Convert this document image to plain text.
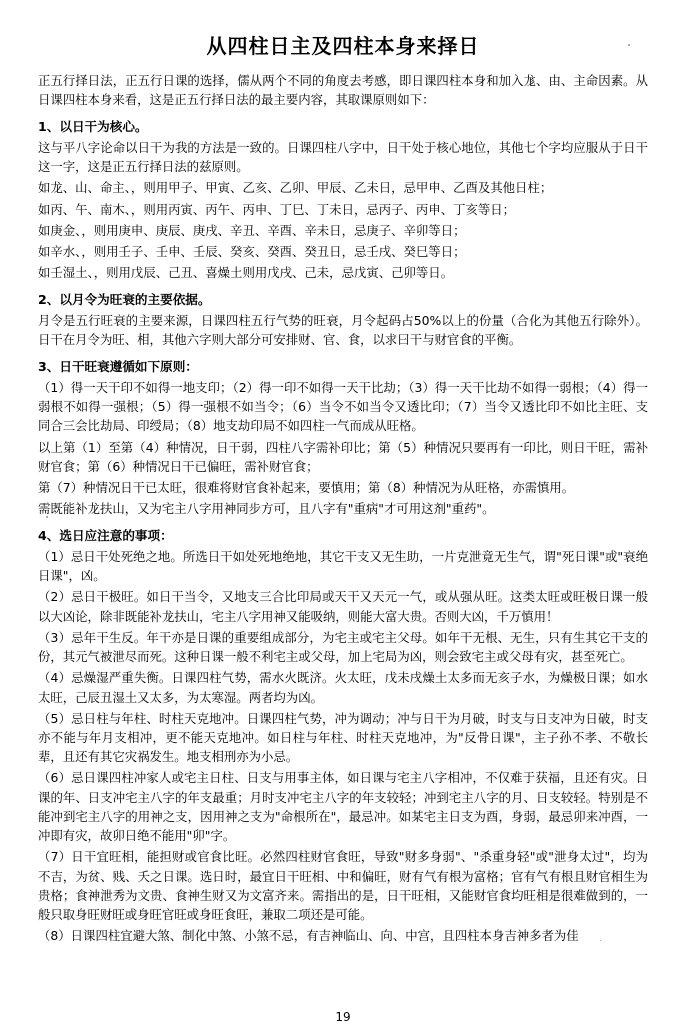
从四柱日主及四柱本身来择日

正五行择日法，正五行日课的选择，儒从两个不同的角度去考感，即日课四柱本身和加入尨、由、主命因素。从日课四柱本身来看，这是正五行择日法的最主要内容，其取课原则如下：

1、以日干为核心。

这与平八字论命以日干为我的方法是一致的。日课四柱八字中，日干处于核心地位，其他七个字均应服从于日干这一字，这是正五行择日法的兹原则。

如龙、山、命主、，则用甲子、甲寅、乙亥、乙卯、甲辰、乙未日，忌甲申、乙酉及其他日柱；

如丙、午、南木、，则用丙寅、丙午、丙申、丁巳、丁未日，忌丙子、丙申、丁亥等日；

如庚金、，则用庚申、庚辰、庚戌、辛丑、辛酉、辛未日，忌庚子、辛卯等日；

如辛水、，则用壬子、壬申、壬辰、癸亥、癸酉、癸丑日，忌壬戌、癸巳等日；

如壬湿土、，则用戊辰、己丑、喜燥土则用戊戌、己未，忌戊寅、己卯等日。

2、以月令为旺衰的主要依据。

月令是五行旺衰的主要来源，日课四柱五行气势的旺衰，月令起码占50%以上的份量（合化为其他五行除外）。日干在月令为旺、相，其他六字则大部分可安排财、官、食，以求曰干与财官食的平衡。

3、日干旺衰遵循如下原则：

（1）得一天干印不如得一地支印；（2）得一印不如得一天干比劫；（3）得一天干比劫不如得一弱根；（4）得一弱根不如得一强根；（5）得一强根不如当令；（6）当令不如当令又透比印；（7）当令又透比印不如比主旺、支同合三会比劫局、印绶局；（8）地支劫印局不如四柱一气而成从旺格。

以上第（1）至第（4）种情况，日干弱，四柱八字需补印比；第（5）种情况只要再有一印比，则日干旺，需补财官食；第（6）种情况日干已偏旺，需补财官食；

第（7）种情况日干已太旺，很难将财官食补起来，要慎用；第（8）种情况为从旺格，亦需慎用。

需既能补龙扶山，又为宅主八字用神同步方可，且八字有"重病"才可用这剂"重药"。

4、选日应注意的事项：

（1）忌日干处死绝之地。所选日干如处死地绝地，其它干支又无生助，一片克泄竟无生气，谓"死日课"或"衰绝日课"，凶。

（2）忌日干极旺。如日干当令，又地支三合比印局或天干又天元一气，或从强从旺。这类太旺或旺极日课一般以大凶论，除非既能补龙扶山，宅主八字用神又能吸纳，则能大富大贵。否则大凶，千万慎用！

（3）忌年干生反。年干亦是日课的重要组成部分，为宅主或宅主父母。如年干无根、无生，只有生其它干支的份，其元气被泄尽而死。这种日课一般不利宅主或父母，加上宅局为凶，则会致宅主或父母有灾，甚至死亡。

（4）忌燥湿严重失衡。日课四柱气势，需水火既济。火太旺，戊未戌燥土太多而无亥子水，为燥极日课；如水太旺，己辰丑湿土又太多，为太寒湿。两者均为凶。

（5）忌日柱与年柱、时柱天克地冲。日课四柱气势，冲为调动；冲与日干为月破，时支与日支冲为日破，时支亦不能与年月支相冲，更不能天克地冲。如日柱与年柱、时柱天克地冲，为"反骨日课"，主子孙不孝、不敬长辈，且还有其它灾祸发生。地支相刑亦为小忌。

（6）忌日课四柱冲家人或宅主日柱、日支与用事主体，如日课与宅主八字相冲，不仅难于获福，且还有灾。日课的年、日支冲宅主八字的年支最重；月时支冲宅主八字的年支较轻；冲到宅主八字的月、日支较轻。特别是不能冲到宅主八字的用神之支，因用神之支为"命根所在"，最忌冲。如某宅主日支为酉，身弱，最忌卯来冲酉，一冲即有灾，故卯日绝不能用"卯"字。

（7）日干宜旺相，能担财或官食比旺。必然四柱财官食旺，导致"财多身弱"、"杀重身轻"或"泄身太过"，均为不吉，为贫、贱、夭之日课。选日时，最宜日干旺相、中和偏旺，财有气有根为富格；官有气有根且财官相生为贵格；食神泄秀为文贵、食神生财又为文富齐来。需指出的是，日干旺相，又能财官食均旺相是很难做到的，一般只取身旺财旺或身旺官旺或身旺食旺，兼取二项还是可能。

（8）日课四柱宜避大煞、制化中煞、小煞不忌，有吉神临山、向、中宫，且四柱本身吉神多者为佳

19
